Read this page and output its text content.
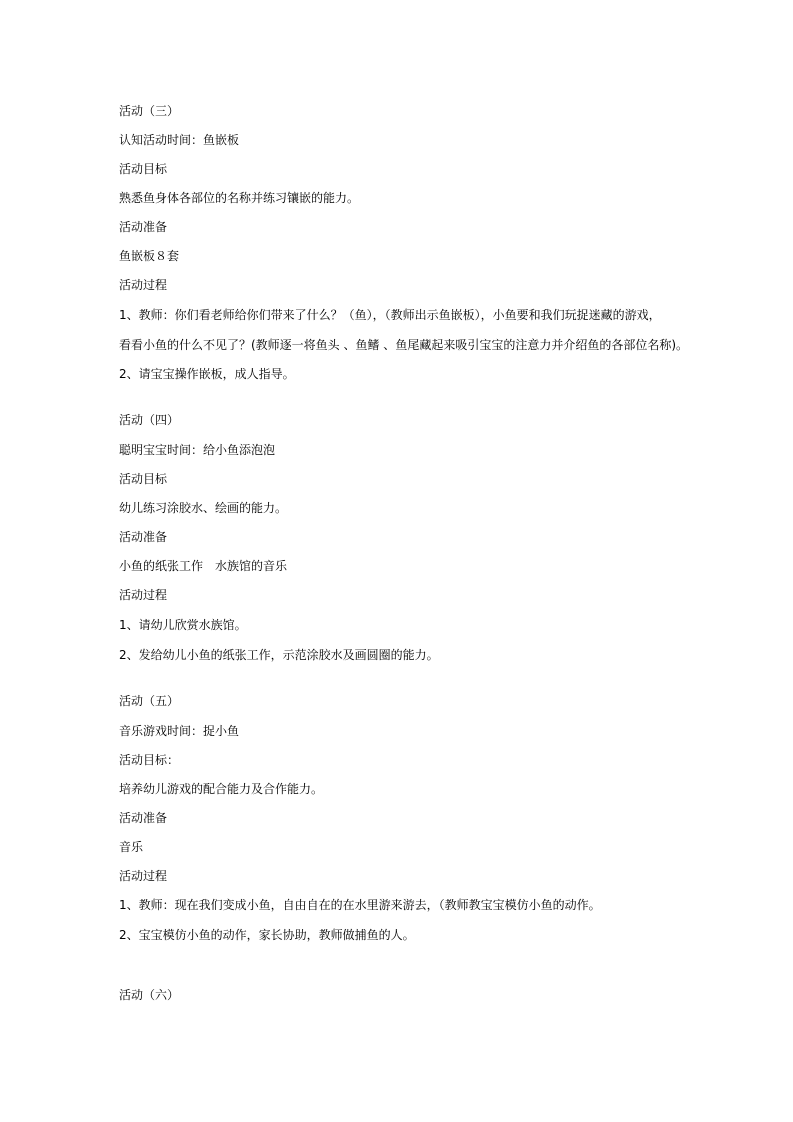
活动（三）
认知活动时间：鱼嵌板
活动目标
熟悉鱼身体各部位的名称并练习镶嵌的能力。
活动准备
鱼嵌板８套
活动过程
1、教师：你们看老师给你们带来了什么？（鱼），（教师出示鱼嵌板），小鱼要和我们玩捉迷藏的游戏，
看看小鱼的什么不见了？(教师逐一将鱼头 、鱼鳍 、鱼尾藏起来吸引宝宝的注意力并介绍鱼的各部位名称)。
2、请宝宝操作嵌板，成人指导。
活动（四）
聪明宝宝时间：给小鱼添泡泡
活动目标
幼儿练习涂胶水、绘画的能力。
活动准备
小鱼的纸张工作　水族馆的音乐
活动过程
1、请幼儿欣赏水族馆。
2、发给幼儿小鱼的纸张工作，示范涂胶水及画圆圈的能力。
活动（五）
音乐游戏时间：捉小鱼
活动目标：
培养幼儿游戏的配合能力及合作能力。
活动准备
音乐
活动过程
1、教师：现在我们变成小鱼，自由自在的在水里游来游去，（教师教宝宝模仿小鱼的动作。
2、宝宝模仿小鱼的动作，家长协助，教师做捕鱼的人。
活动（六）
